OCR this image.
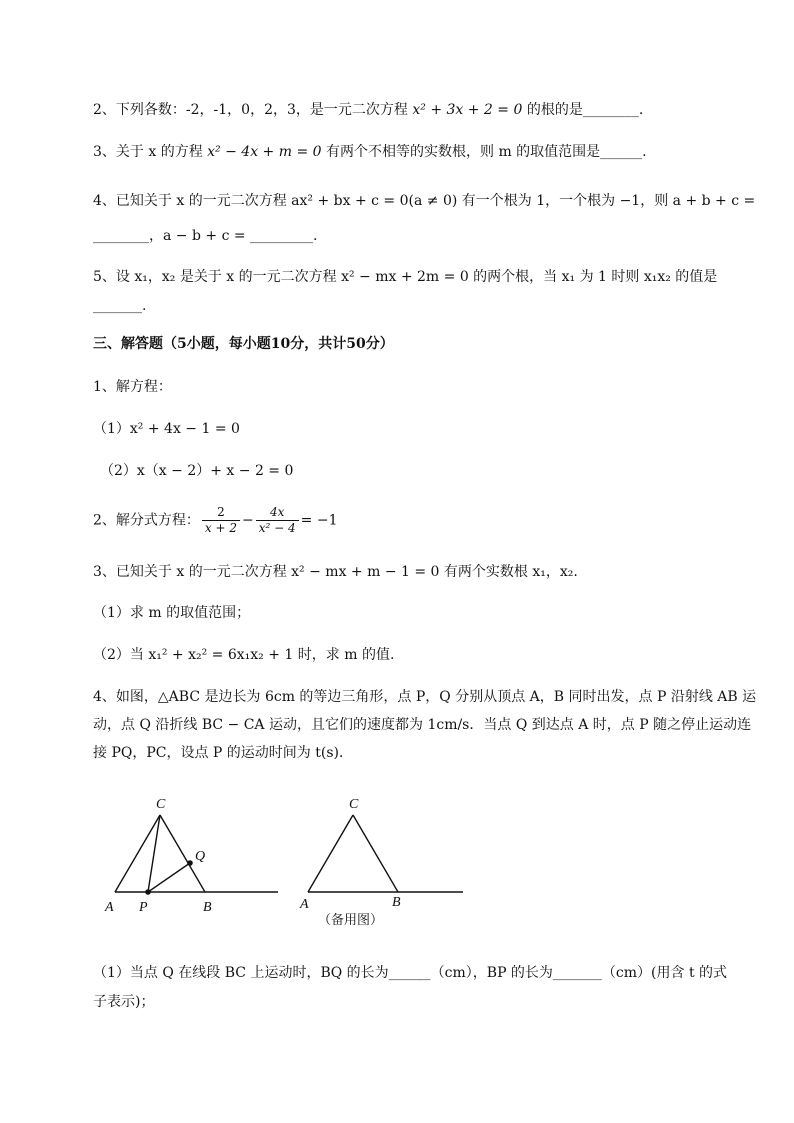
2、下列各数：-2，-1，0，2，3，是一元二次方程 x² + 3x + 2 = 0 的根的是________.
3、关于 x 的方程 x² − 4x + m = 0 有两个不相等的实数根，则 m 的取值范围是______.
4、已知关于 x 的一元二次方程 ax² + bx + c = 0(a ≠ 0) 有一个根为 1，一个根为 −1，则 a + b + c =
________，a − b + c = _________.
5、设 x₁，x₂ 是关于 x 的一元二次方程 x² − mx + 2m = 0 的两个根，当 x₁ 为 1 时则 x₁x₂ 的值是
_______.
三、解答题（5小题，每小题10分，共计50分）
1、解方程：
（1）x² + 4x − 1 = 0
（2）x（x − 2）+ x − 2 = 0
2、解分式方程： $\frac{2}{x + 2} - \frac{4x}{\text{x² − 4}} = -1$
3、已知关于 x 的一元二次方程 x² − mx + m − 1 = 0 有两个实数根 x₁，x₂.
（1）求 m 的取值范围；
（2）当 x₁² + x₂² = 6x₁x₂ + 1 时，求 m 的值.
4、如图，△ABC 是边长为 6cm 的等边三角形，点 P，Q 分别从顶点 A，B 同时出发，点 P 沿射线 AB 运
动，点 Q 沿折线 BC − CA 运动，且它们的速度都为 1cm/s．当点 Q 到达点 A 时，点 P 随之停止运动连
接 PQ，PC，设点 P 的运动时间为 t(s)．
C
Q
A P	B
C
A	B
（备用图）
（1）当点 Q 在线段 BC 上运动时，BQ 的长为______（cm），BP 的长为_______（cm）(用含 t 的式
子表示)；
